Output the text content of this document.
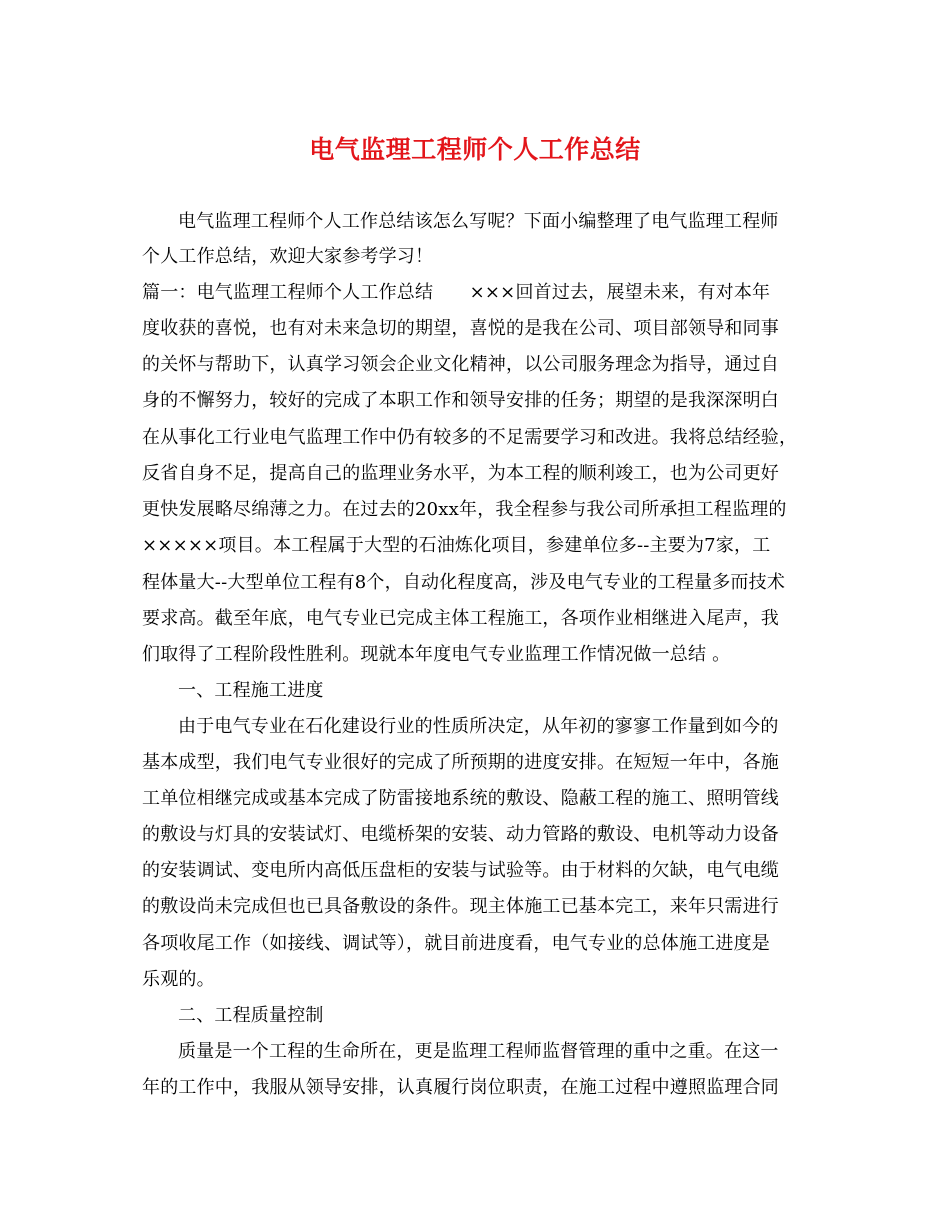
电气监理工程师个人工作总结

电气监理工程师个人工作总结该怎么写呢？下面小编整理了电气监理工程师

个人工作总结，欢迎大家参考学习！

篇一：电气监理工程师个人工作总结　　×××回首过去，展望未来，有对本年

度收获的喜悦，也有对未来急切的期望，喜悦的是我在公司、项目部领导和同事

的关怀与帮助下，认真学习领会企业文化精神，以公司服务理念为指导，通过自

身的不懈努力，较好的完成了本职工作和领导安排的任务；期望的是我深深明白

在从事化工行业电气监理工作中仍有较多的不足需要学习和改进。我将总结经验，

反省自身不足，提高自己的监理业务水平，为本工程的顺利竣工，也为公司更好

更快发展略尽绵薄之力。在过去的20xx年，我全程参与我公司所承担工程监理的

×××××项目。本工程属于大型的石油炼化项目，参建单位多--主要为7家，工

程体量大--大型单位工程有8个，自动化程度高，涉及电气专业的工程量多而技术

要求高。截至年底，电气专业已完成主体工程施工，各项作业相继进入尾声，我

们取得了工程阶段性胜利。现就本年度电气专业监理工作情况做一总结 。

一、工程施工进度

由于电气专业在石化建设行业的性质所决定，从年初的寥寥工作量到如今的

基本成型，我们电气专业很好的完成了所预期的进度安排。在短短一年中，各施

工单位相继完成或基本完成了防雷接地系统的敷设、隐蔽工程的施工、照明管线

的敷设与灯具的安装试灯、电缆桥架的安装、动力管路的敷设、电机等动力设备

的安装调试、变电所内高低压盘柜的安装与试验等。由于材料的欠缺，电气电缆

的敷设尚未完成但也已具备敷设的条件。现主体施工已基本完工，来年只需进行

各项收尾工作（如接线、调试等），就目前进度看，电气专业的总体施工进度是

乐观的。

二、工程质量控制

质量是一个工程的生命所在，更是监理工程师监督管理的重中之重。在这一

年的工作中，我服从领导安排，认真履行岗位职责，在施工过程中遵照监理合同
